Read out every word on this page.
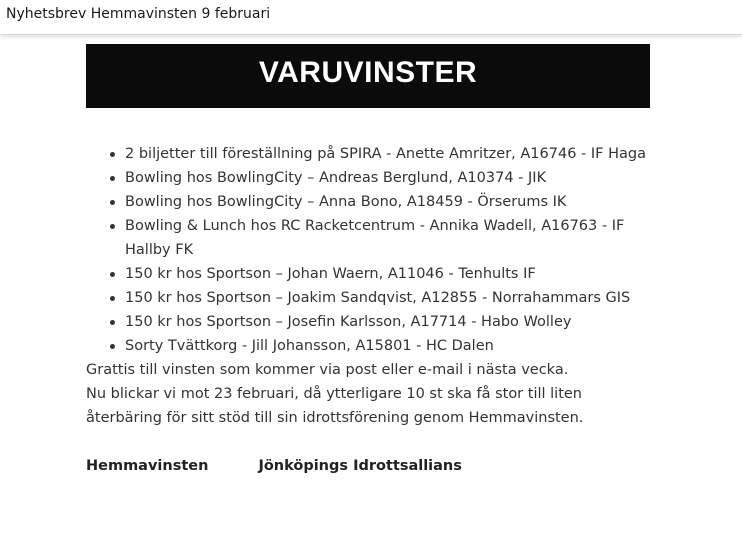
Nyhetsbrev Hemmavinsten 9 februari
VARUVINSTER
2 biljetter till föreställning på SPIRA - Anette Amritzer, A16746 - IF Haga
Bowling hos BowlingCity – Andreas Berglund, A10374 - JIK
Bowling hos BowlingCity – Anna Bono, A18459 - Örserums IK
Bowling & Lunch hos RC Racketcentrum - Annika Wadell, A16763 - IF Hallby FK
150 kr hos Sportson – Johan Waern, A11046 - Tenhults IF
150 kr hos Sportson – Joakim Sandqvist, A12855 - Norrahammars GIS
150 kr hos Sportson – Josefin Karlsson, A17714 - Habo Wolley
Sorty Tvättkorg - Jill Johansson, A15801 - HC Dalen

Grattis till vinsten som kommer via post eller e-mail i nästa vecka.

Nu blickar vi mot 23 februari, då ytterligare 10 st ska få stor till liten återbäring för sitt stöd till sin idrottsförening genom Hemmavinsten.

Hemmavinsten	Jönköpings Idrottsallians
